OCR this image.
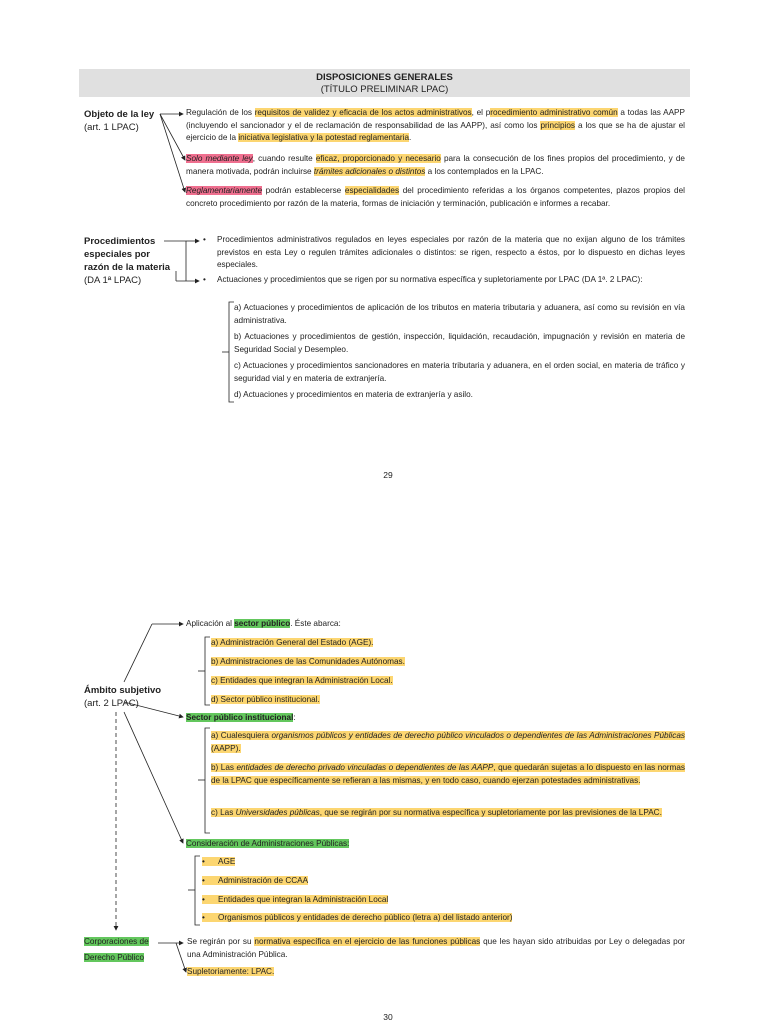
DISPOSICIONES GENERALES
(TÍTULO PRELIMINAR LPAC)
Objeto de la ley
(art. 1 LPAC)
Regulación de los requisitos de validez y eficacia de los actos administrativos, el procedimiento administrativo común a todas las AAPP (incluyendo el sancionador y el de reclamación de responsabilidad de las AAPP), así como los principios a los que se ha de ajustar el ejercicio de la iniciativa legislativa y la potestad reglamentaria.
Solo mediante ley, cuando resulte eficaz, proporcionado y necesario para la consecución de los fines propios del procedimiento, y de manera motivada, podrán incluirse trámites adicionales o distintos a los contemplados en la LPAC.
Reglamentariamente podrán establecerse especialidades del procedimiento referidas a los órganos competentes, plazos propios del concreto procedimiento por razón de la materia, formas de iniciación y terminación, publicación e informes a recabar.
Procedimientos
especiales por
razón de la materia
(DA 1ª LPAC)
•	Procedimientos administrativos regulados en leyes especiales por razón de la materia que no exijan alguno de los trámites previstos en esta Ley o regulen trámites adicionales o distintos: se rigen, respecto a éstos, por lo dispuesto en dichas leyes especiales.
•	Actuaciones y procedimientos que se rigen por su normativa específica y supletoriamente por LPAC (DA 1ª. 2 LPAC):
a) Actuaciones y procedimientos de aplicación de los tributos en materia tributaria y aduanera, así como su revisión en vía administrativa.
b) Actuaciones y procedimientos de gestión, inspección, liquidación, recaudación, impugnación y revisión en materia de Seguridad Social y Desempleo.
c) Actuaciones y procedimientos sancionadores en materia tributaria y aduanera, en el orden social, en materia de tráfico y seguridad vial y en materia de extranjería.
d) Actuaciones y procedimientos en materia de extranjería y asilo.
29
Ámbito subjetivo
(art. 2 LPAC)
Aplicación al sector público. Éste abarca:
a) Administración General del Estado (AGE).
b) Administraciones de las Comunidades Autónomas.
c) Entidades que integran la Administración Local.
d) Sector público institucional.
Sector público institucional:
a) Cualesquiera organismos públicos y entidades de derecho público vinculados o dependientes de las Administraciones Públicas (AAPP).
b) Las entidades de derecho privado vinculadas o dependientes de las AAPP, que quedarán sujetas a lo dispuesto en las normas de la LPAC que específicamente se refieran a las mismas, y en todo caso, cuando ejerzan potestades administrativas.
c) Las Universidades públicas, que se regirán por su normativa específica y supletoriamente por las previsiones de la LPAC.
Consideración de Administraciones Públicas:
• AGE
• Administración de CCAA
• Entidades que integran la Administración Local
• Organismos públicos y entidades de derecho público (letra a) del listado anterior)
Corporaciones de
Derecho Público
Se regirán por su normativa específica en el ejercicio de las funciones públicas que les hayan sido atribuidas por Ley o delegadas por una Administración Pública.
Supletoriamente: LPAC.
30
